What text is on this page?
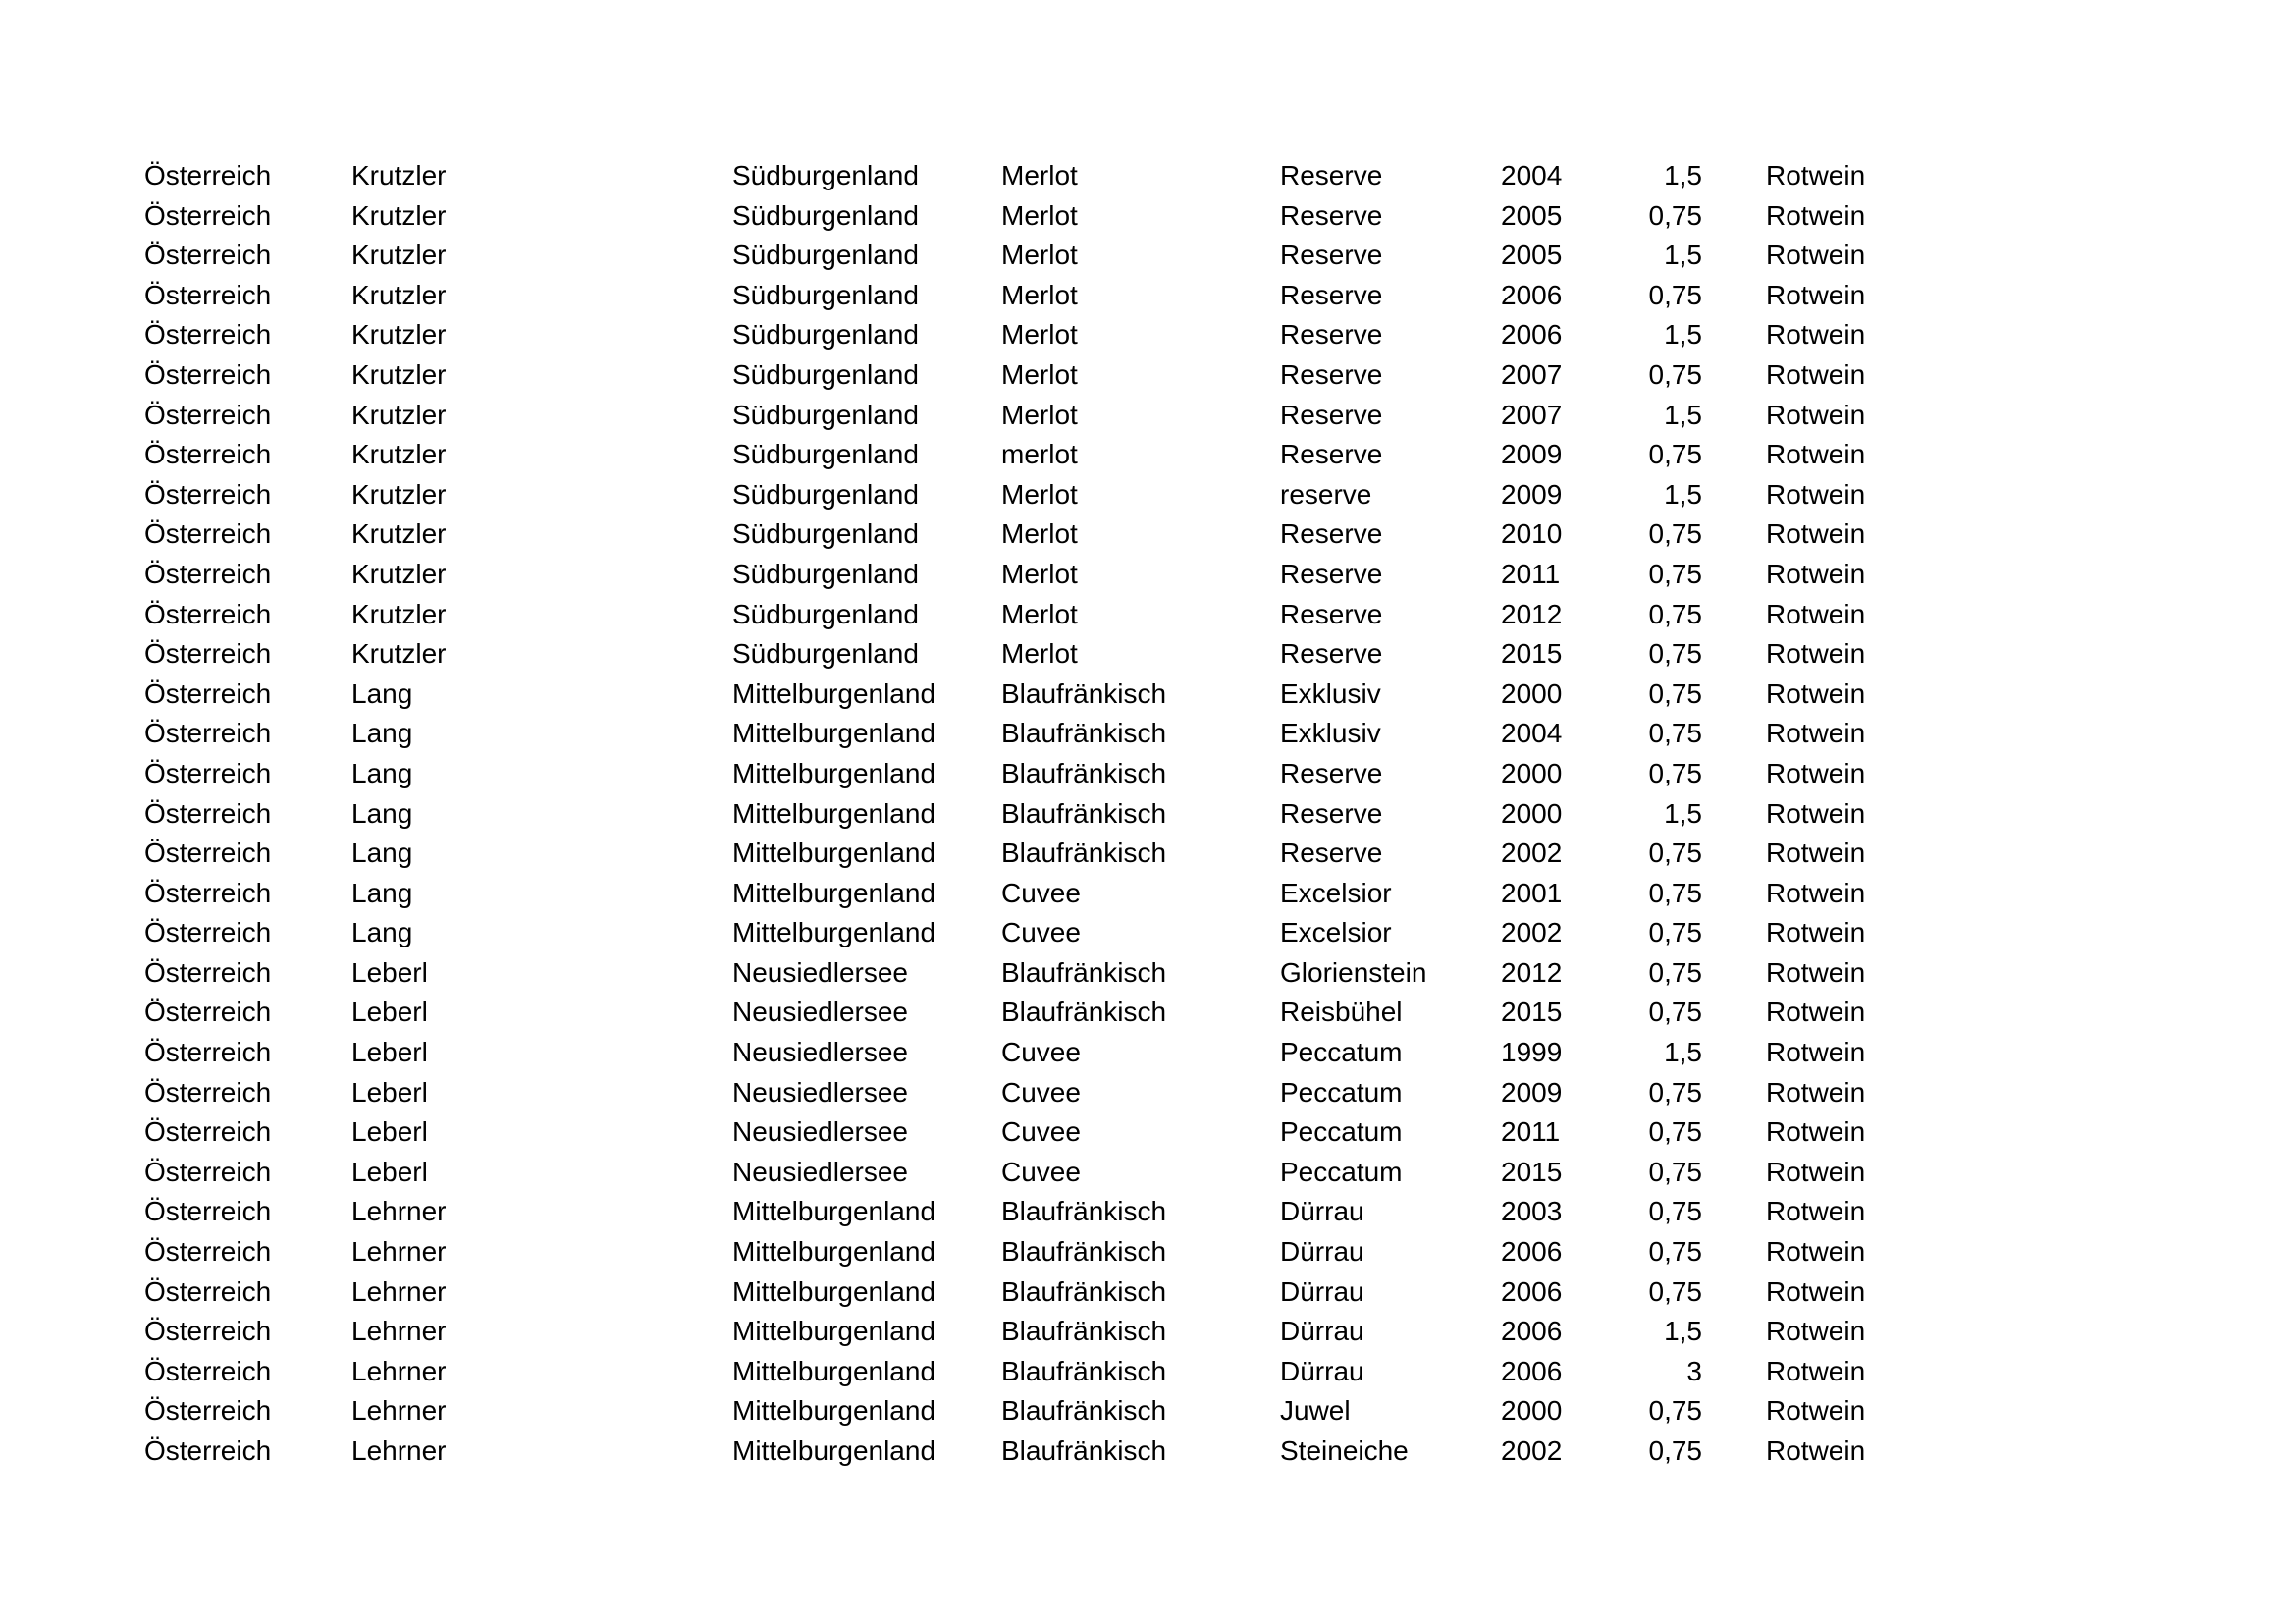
Österreich	Krutzler	Südburgenland	Merlot	Reserve	2004	1,5		Rotwein
Österreich	Krutzler	Südburgenland	Merlot	Reserve	2005	0,75		Rotwein
Österreich	Krutzler	Südburgenland	Merlot	Reserve	2005	1,5		Rotwein
Österreich	Krutzler	Südburgenland	Merlot	Reserve	2006	0,75		Rotwein
Österreich	Krutzler	Südburgenland	Merlot	Reserve	2006	1,5		Rotwein
Österreich	Krutzler	Südburgenland	Merlot	Reserve	2007	0,75		Rotwein
Österreich	Krutzler	Südburgenland	Merlot	Reserve	2007	1,5		Rotwein
Österreich	Krutzler	Südburgenland	merlot	Reserve	2009	0,75		Rotwein
Österreich	Krutzler	Südburgenland	Merlot	reserve	2009	1,5		Rotwein
Österreich	Krutzler	Südburgenland	Merlot	Reserve	2010	0,75		Rotwein
Österreich	Krutzler	Südburgenland	Merlot	Reserve	2011	0,75		Rotwein
Österreich	Krutzler	Südburgenland	Merlot	Reserve	2012	0,75		Rotwein
Österreich	Krutzler	Südburgenland	Merlot	Reserve	2015	0,75		Rotwein
Österreich	Lang	Mittelburgenland	Blaufränkisch	Exklusiv	2000	0,75		Rotwein
Österreich	Lang	Mittelburgenland	Blaufränkisch	Exklusiv	2004	0,75		Rotwein
Österreich	Lang	Mittelburgenland	Blaufränkisch	Reserve	2000	0,75		Rotwein
Österreich	Lang	Mittelburgenland	Blaufränkisch	Reserve	2000	1,5		Rotwein
Österreich	Lang	Mittelburgenland	Blaufränkisch	Reserve	2002	0,75		Rotwein
Österreich	Lang	Mittelburgenland	Cuvee	Excelsior	2001	0,75		Rotwein
Österreich	Lang	Mittelburgenland	Cuvee	Excelsior	2002	0,75		Rotwein
Österreich	Leberl	Neusiedlersee	Blaufränkisch	Glorienstein	2012	0,75		Rotwein
Österreich	Leberl	Neusiedlersee	Blaufränkisch	Reisbühel	2015	0,75		Rotwein
Österreich	Leberl	Neusiedlersee	Cuvee	Peccatum	1999	1,5		Rotwein
Österreich	Leberl	Neusiedlersee	Cuvee	Peccatum	2009	0,75		Rotwein
Österreich	Leberl	Neusiedlersee	Cuvee	Peccatum	2011	0,75		Rotwein
Österreich	Leberl	Neusiedlersee	Cuvee	Peccatum	2015	0,75		Rotwein
Österreich	Lehrner	Mittelburgenland	Blaufränkisch	Dürrau	2003	0,75		Rotwein
Österreich	Lehrner	Mittelburgenland	Blaufränkisch	Dürrau	2006	0,75		Rotwein
Österreich	Lehrner	Mittelburgenland	Blaufränkisch	Dürrau	2006	0,75		Rotwein
Österreich	Lehrner	Mittelburgenland	Blaufränkisch	Dürrau	2006	1,5		Rotwein
Österreich	Lehrner	Mittelburgenland	Blaufränkisch	Dürrau	2006	3		Rotwein
Österreich	Lehrner	Mittelburgenland	Blaufränkisch	Juwel	2000	0,75		Rotwein
Österreich	Lehrner	Mittelburgenland	Blaufränkisch	Steineiche	2002	0,75		Rotwein
